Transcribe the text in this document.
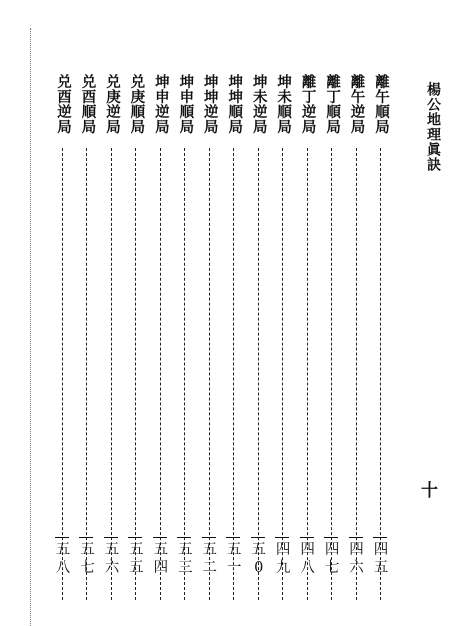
楊公地理眞訣
十
離午順局
四
五
離午逆局
四
六
離丁順局
四
七
離丁逆局
四
八
坤未順局
四
九
坤未逆局
五
0
坤坤順局
五
一
坤坤逆局
五
二
坤申順局
五
三
坤申逆局
五
四
兑庚順局
五
五
兑庚逆局
五
六
兑酉順局
五
七
兑酉逆局
五
八
